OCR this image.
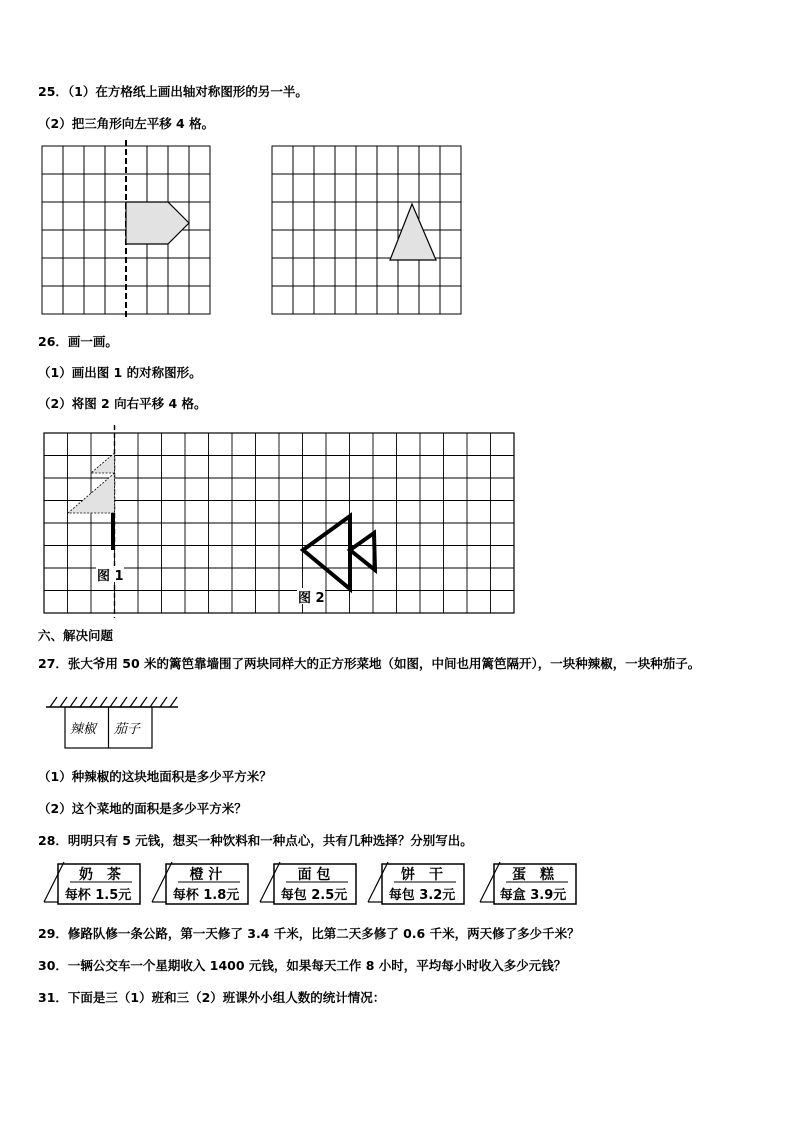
25．（1）在方格纸上画出轴对称图形的另一半。
（2）把三角形向左平移 4 格。
26．画一画。
（1）画出图 1 的对称图形。
（2）将图 2 向右平移 4 格。
图 1
图 2
六、解决问题
27．张大爷用 50 米的篱笆靠墙围了两块同样大的正方形菜地（如图，中间也用篱笆隔开），一块种辣椒，一块种茄子。
辣椒 茄子
（1）种辣椒的这块地面积是多少平方米？
（2）这个菜地的面积是多少平方米？
28．明明只有 5 元钱，想买一种饮料和一种点心，共有几种选择？分别写出。
奶　茶
每杯 1.5元
橙 汁
每杯 1.8元
面 包
每包 2.5元
饼　干
每包 3.2元
蛋　糕
每盒 3.9元
29．修路队修一条公路，第一天修了 3.4 千米，比第二天多修了 0.6 千米，两天修了多少千米？
30．一辆公交车一个星期收入 1400 元钱，如果每天工作 8 小时，平均每小时收入多少元钱？
31．下面是三（1）班和三（2）班课外小组人数的统计情况：
